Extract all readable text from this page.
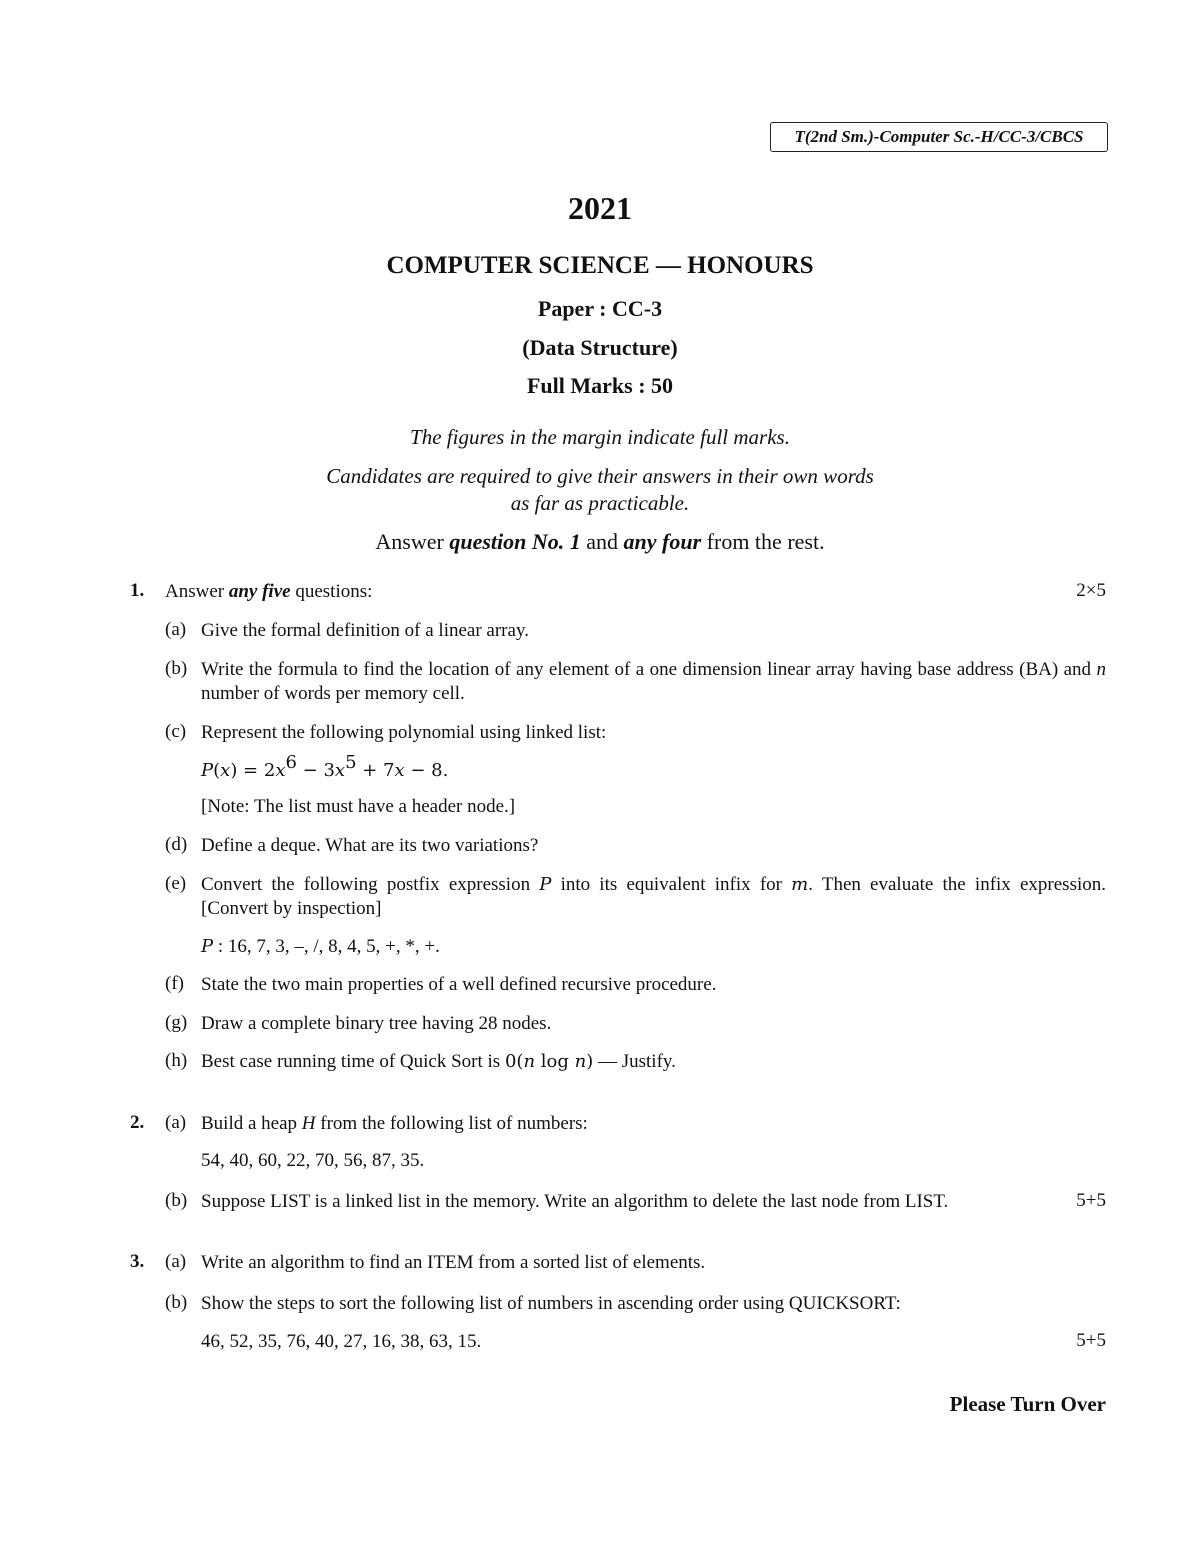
T(2nd Sm.)-Computer Sc.-H/CC-3/CBCS
2021
COMPUTER SCIENCE — HONOURS
Paper : CC-3
(Data Structure)
Full Marks : 50
The figures in the margin indicate full marks.
Candidates are required to give their answers in their own words
as far as practicable.
Answer question No. 1 and any four from the rest.
1. Answer any five questions:	2×5
(a) Give the formal definition of a linear array.
(b) Write the formula to find the location of any element of a one dimension linear array having base address (BA) and n number of words per memory cell.
(c) Represent the following polynomial using linked list:
$P(x) = 2x^6 - 3x^5 + 7x - 8$.
[Note: The list must have a header node.]
(d) Define a deque. What are its two variations?
(e) Convert the following postfix expression P into its equivalent infix for m. Then evaluate the infix expression. [Convert by inspection]
P : 16, 7, 3, –, /, 8, 4, 5, +, *, +.
(f) State the two main properties of a well defined recursive procedure.
(g) Draw a complete binary tree having 28 nodes.
(h) Best case running time of Quick Sort is 0(n log n) — Justify.
2. (a) Build a heap H from the following list of numbers:
54, 40, 60, 22, 70, 56, 87, 35.
(b) Suppose LIST is a linked list in the memory. Write an algorithm to delete the last node from LIST.	5+5
3. (a) Write an algorithm to find an ITEM from a sorted list of elements.
(b) Show the steps to sort the following list of numbers in ascending order using QUICKSORT:
46, 52, 35, 76, 40, 27, 16, 38, 63, 15.	5+5
Please Turn Over
